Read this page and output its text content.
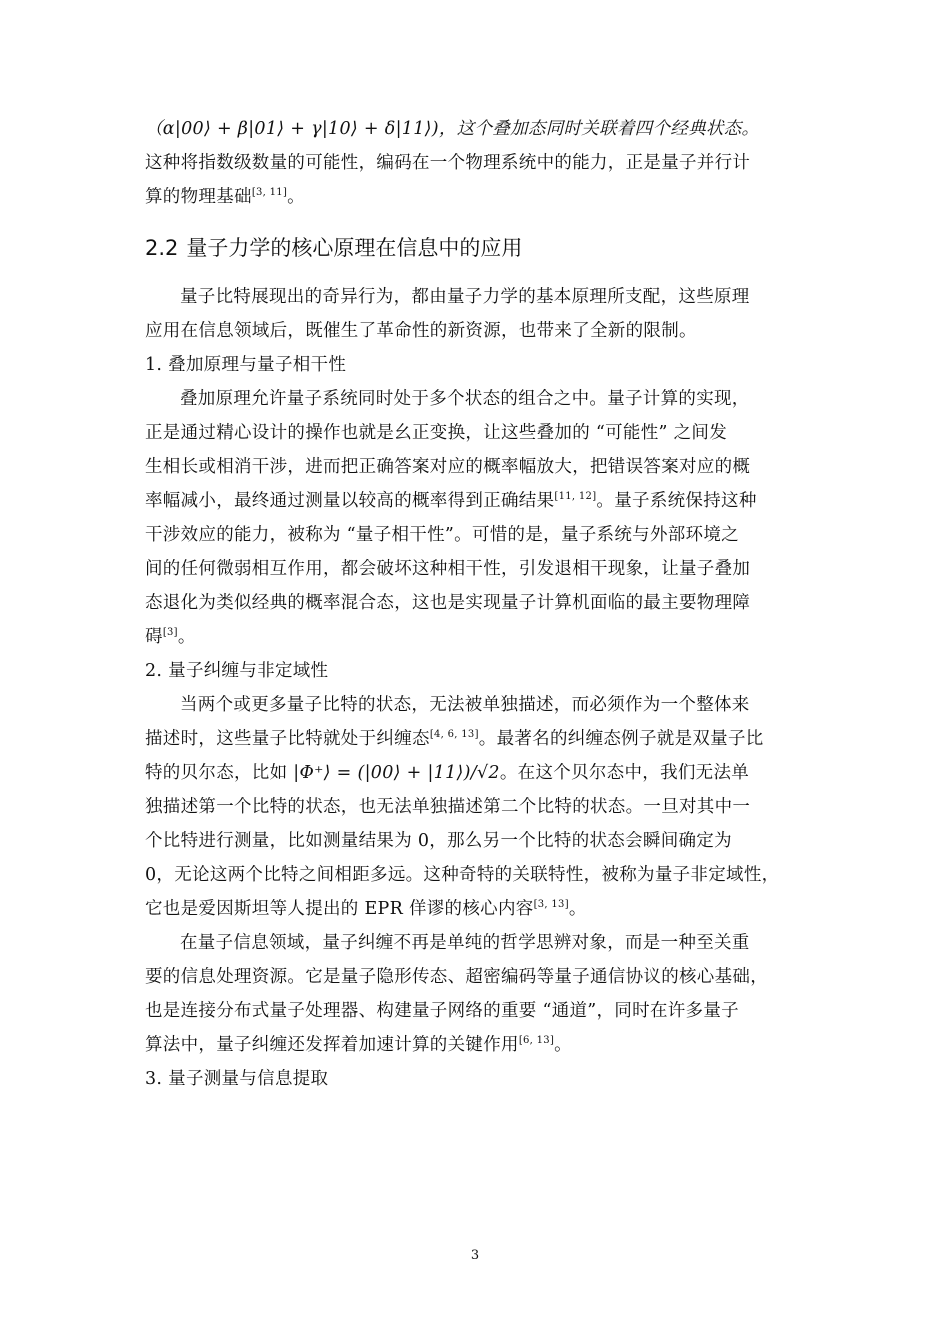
（α|00⟩ + β|01⟩ + γ|10⟩ + δ|11⟩)，这个叠加态同时关联着四个经典状态。
这种将指数级数量的可能性，编码在一个物理系统中的能力，正是量子并行计
算的物理基础[3, 11]。
2.2 量子力学的核心原理在信息中的应用
量子比特展现出的奇异行为，都由量子力学的基本原理所支配，这些原理
应用在信息领域后，既催生了革命性的新资源，也带来了全新的限制。
1. 叠加原理与量子相干性
叠加原理允许量子系统同时处于多个状态的组合之中。量子计算的实现，
正是通过精心设计的操作也就是幺正变换，让这些叠加的 “可能性” 之间发
生相长或相消干涉，进而把正确答案对应的概率幅放大，把错误答案对应的概
率幅减小，最终通过测量以较高的概率得到正确结果[11, 12]。量子系统保持这种
干涉效应的能力，被称为 “量子相干性”。可惜的是，量子系统与外部环境之
间的任何微弱相互作用，都会破坏这种相干性，引发退相干现象，让量子叠加
态退化为类似经典的概率混合态，这也是实现量子计算机面临的最主要物理障
碍[3]。
2. 量子纠缠与非定域性
当两个或更多量子比特的状态，无法被单独描述，而必须作为一个整体来
描述时，这些量子比特就处于纠缠态[4, 6, 13]。最著名的纠缠态例子就是双量子比
特的贝尔态，比如 |Φ⁺⟩ = (|00⟩ + |11⟩)/√2。在这个贝尔态中，我们无法单
独描述第一个比特的状态，也无法单独描述第二个比特的状态。一旦对其中一
个比特进行测量，比如测量结果为 0，那么另一个比特的状态会瞬间确定为
0，无论这两个比特之间相距多远。这种奇特的关联特性，被称为量子非定域性，
它也是爱因斯坦等人提出的 EPR 佯谬的核心内容[3, 13]。
在量子信息领域，量子纠缠不再是单纯的哲学思辨对象，而是一种至关重
要的信息处理资源。它是量子隐形传态、超密编码等量子通信协议的核心基础，
也是连接分布式量子处理器、构建量子网络的重要 “通道”，同时在许多量子
算法中，量子纠缠还发挥着加速计算的关键作用[6, 13]。
3. 量子测量与信息提取
3
